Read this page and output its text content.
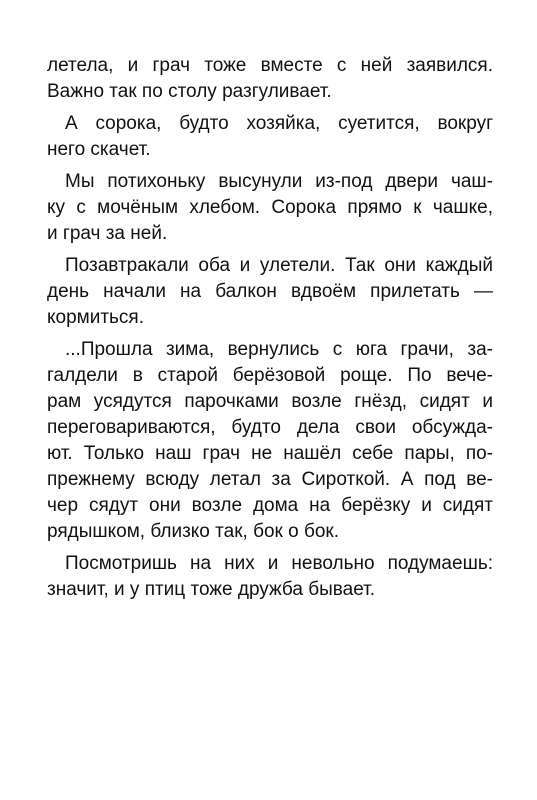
летела, и грач тоже вместе с ней заявился.
Важно так по столу разгуливает.
А сорока, будто хозяйка, суетится, вокруг
него скачет.
Мы потихоньку высунули из-под двери чаш-
ку с мочёным хлебом. Сорока прямо к чашке,
и грач за ней.
Позавтракали оба и улетели. Так они каждый
день начали на балкон вдвоём прилетать —
кормиться.
...Прошла зима, вернулись с юга грачи, за-
галдели в старой берёзовой роще. По вече-
рам усядутся парочками возле гнёзд, сидят и
переговариваются, будто дела свои обсужда-
ют. Только наш грач не нашёл себе пары, по-
прежнему всюду летал за Сироткой. А под ве-
чер сядут они возле дома на берёзку и сидят
рядышком, близко так, бок о бок.
Посмотришь на них и невольно подумаешь:
значит, и у птиц тоже дружба бывает.
